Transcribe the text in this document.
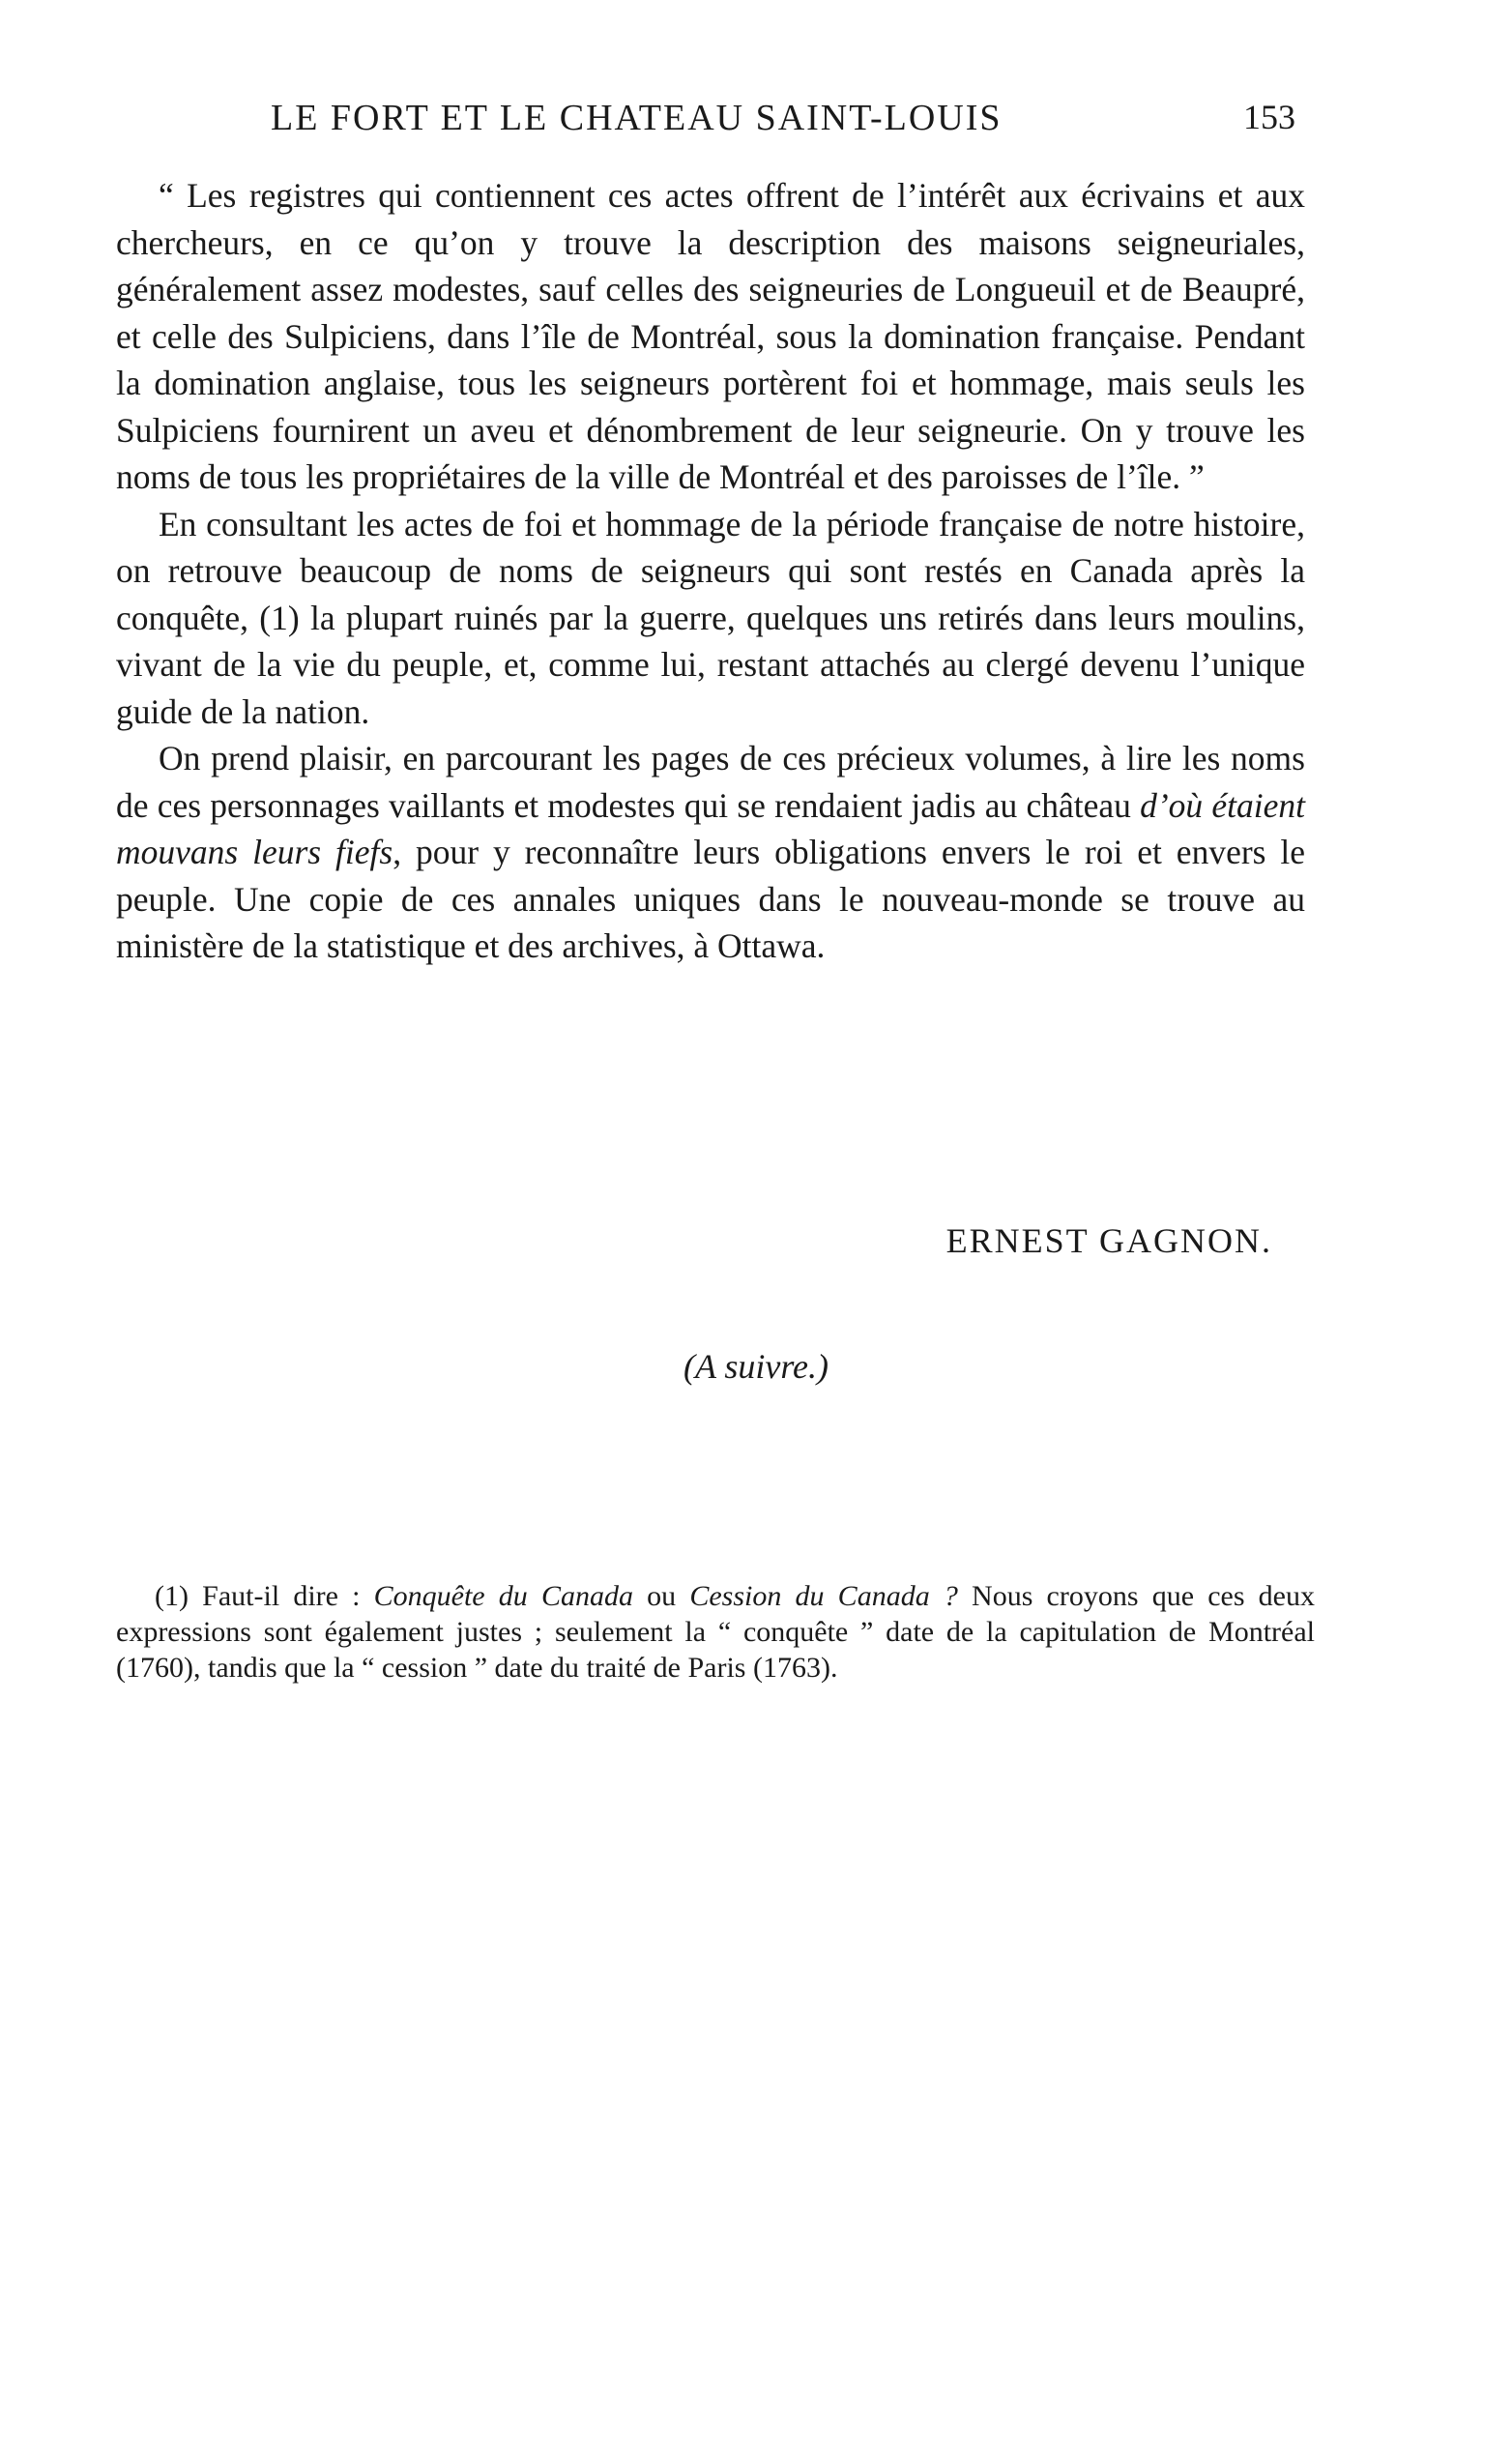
LE FORT ET LE CHATEAU SAINT-LOUIS	153

“ Les registres qui contiennent ces actes offrent de l’intérêt aux écrivains et aux chercheurs, en ce qu’on y trouve la description des maisons seigneuriales, généralement assez modestes, sauf celles des seigneuries de Longueuil et de Beaupré, et celle des Sulpiciens, dans l’île de Montréal, sous la domination française. Pendant la domination anglaise, tous les seigneurs portèrent foi et hommage, mais seuls les Sulpiciens fournirent un aveu et dénombrement de leur seigneurie. On y trouve les noms de tous les propriétaires de la ville de Montréal et des paroisses de l’île. ”

En consultant les actes de foi et hommage de la période française de notre histoire, on retrouve beaucoup de noms de seigneurs qui sont restés en Canada après la conquête, (1) la plupart ruinés par la guerre, quelques uns retirés dans leurs moulins, vivant de la vie du peuple, et, comme lui, restant attachés au clergé devenu l’unique guide de la nation.

On prend plaisir, en parcourant les pages de ces précieux volumes, à lire les noms de ces personnages vaillants et modestes qui se rendaient jadis au château d’où étaient mouvans leurs fiefs, pour y reconnaître leurs obligations envers le roi et envers le peuple. Une copie de ces annales uniques dans le nouveau-monde se trouve au ministère de la statistique et des archives, à Ottawa.

ERNEST GAGNON.
(A suivre.)

(1) Faut-il dire : Conquête du Canada ou Cession du Canada ? Nous croyons que ces deux expressions sont également justes ; seulement la “ conquête ” date de la capitulation de Montréal (1760), tandis que la “ cession ” date du traité de Paris (1763).
